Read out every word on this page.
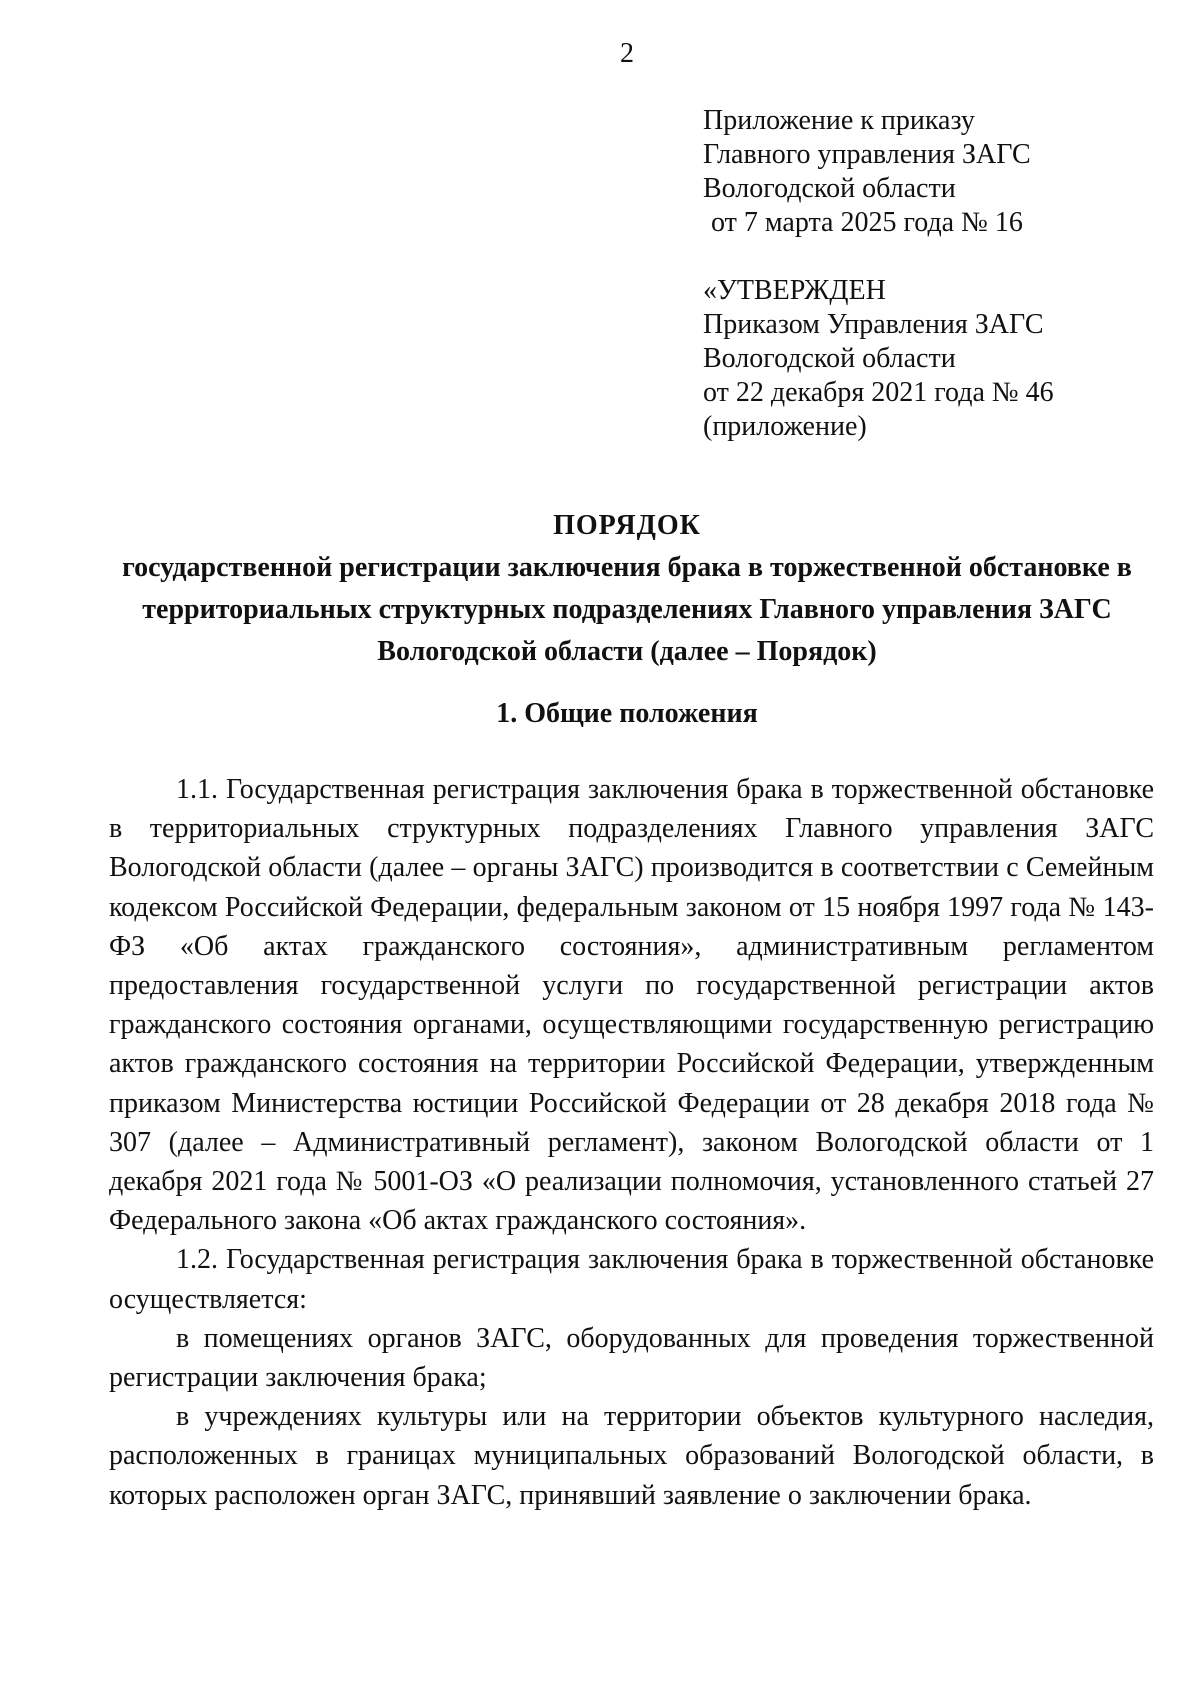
2
Приложение к приказу
Главного управления ЗАГС
Вологодской области
от 7 марта 2025 года № 16
«УТВЕРЖДЕН
Приказом Управления ЗАГС
Вологодской области
от 22 декабря 2021 года № 46
(приложение)
ПОРЯДОК
государственной регистрации заключения брака в торжественной обстановке в
территориальных структурных подразделениях Главного управления ЗАГС
Вологодской области (далее – Порядок)
1. Общие положения

1.1. Государственная регистрация заключения брака в торжественной обстановке в территориальных структурных подразделениях Главного управления ЗАГС Вологодской области (далее – органы ЗАГС) производится в соответствии с Семейным кодексом Российской Федерации, федеральным законом от 15 ноября 1997 года № 143-ФЗ «Об актах гражданского состояния», административным регламентом предоставления государственной услуги по государственной регистрации актов гражданского состояния органами, осуществляющими государственную регистрацию актов гражданского состояния на территории Российской Федерации, утвержденным приказом Министерства юстиции Российской Федерации от 28 декабря 2018 года № 307 (далее – Административный регламент), законом Вологодской области от 1 декабря 2021 года № 5001-ОЗ «О реализации полномочия, установленного статьей 27 Федерального закона «Об актах гражданского состояния».

1.2. Государственная регистрация заключения брака в торжественной обстановке осуществляется:

в помещениях органов ЗАГС, оборудованных для проведения торжественной регистрации заключения брака;

в учреждениях культуры или на территории объектов культурного наследия, расположенных в границах муниципальных образований Вологодской области, в которых расположен орган ЗАГС, принявший заявление о заключении брака.
